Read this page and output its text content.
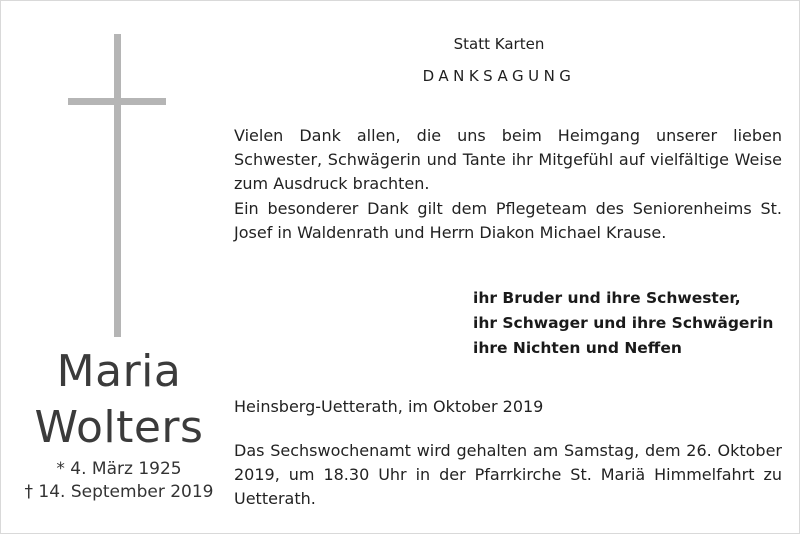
Maria
Wolters
* 4. März 1925
† 14. September 2019
Statt Karten
DANKSAGUNG
Vielen Dank allen, die uns beim Heimgang unserer lieben Schwester, Schwägerin und Tante ihr Mitgefühl auf vielfältige Weise zum Ausdruck brachten.
Ein besonderer Dank gilt dem Pflegeteam des Seniorenheims St. Josef in Waldenrath und Herrn Diakon Michael Krause.
ihr Bruder und ihre Schwester,
ihr Schwager und ihre Schwägerin
ihre Nichten und Neffen
Heinsberg-Uetterath, im Oktober 2019
Das Sechswochenamt wird gehalten am Samstag, dem 26. Oktober 2019, um 18.30 Uhr in der Pfarrkirche St. Mariä Himmelfahrt zu Uetterath.
